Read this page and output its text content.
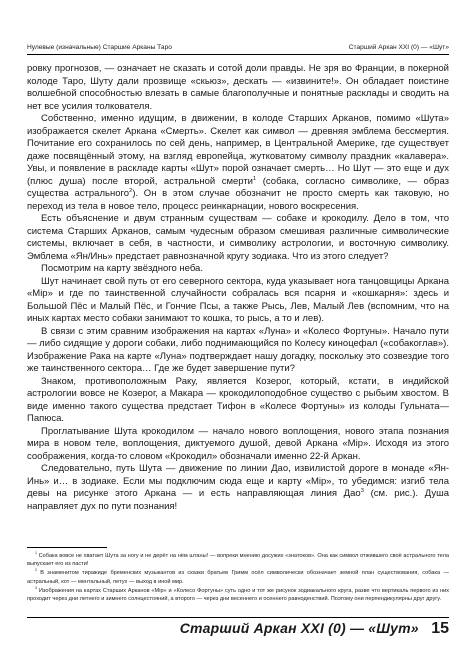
Нулевые (изначальные) Старшие Арканы Таро	Старший Аркан XXI (0) — «Шут»

ровку прогнозов, — означает не сказать и сотой доли правды. Не зря во Франции, в покерной колоде Таро, Шуту дали прозвище «скьюз», дескать — «извините!». Он обладает поистине волшебной способностью влезать в самые благополучные и понятные расклады и сводить на нет все усилия толкователя.

Собственно, именно идущим, в движении, в колоде Старших Арканов, помимо «Шута» изображается скелет Аркана «Смерть». Скелет как символ — древняя эмблема бессмертия. Почитание его сохранилось по сей день, например, в Центральной Америке, где существует даже посвящённый этому, на взгляд европейца, жутковатому символу праздник «калавера». Увы, и появление в раскладе карты «Шут» порой означает смерть… Но Шут — это еще и дух (плюс душа) после второй, астральной смерти$^1$ (собака, согласно символике, — образ существа астрального$^2$). Он в этом случае обозначит не просто смерть как таковую, но переход из тела в новое тело, процесс реинкарнации, нового воскресения.

Есть объяснение и двум странным существам — собаке и крокодилу. Дело в том, что система Старших Арканов, самым чудесным образом смешивая различные символические системы, включает в себя, в частности, и символику астрологии, и восточную символику. Эмблема «Ян/Инь» предстает равнозначной кругу зодиака. Что из этого следует?

Посмотрим на карту звёздного неба.

Шут начинает свой путь от его северного сектора, куда указывает нога танцовщицы Аркана «Mip» и где по таинственной случайности собралась вся псарня и «кошкарня»: здесь и Большой Пёс и Малый Пёс, и Гончие Псы, а также Рысь, Лев, Малый Лев (вспомним, что на иных картах место собаки занимают то кошка, то рысь, а то и лев).

В связи с этим сравним изображения на картах «Луна» и «Колесо Фортуны». Начало пути — либо сидящие у дороги собаки, либо поднимающийся по Колесу киноцефал («собакоглав»). Изображение Рака на карте «Луна» подтверждает нашу догадку, поскольку это созвездие того же таинственного сектора… Где же будет завершение пути?

Знаком, противоположным Раку, является Козерог, который, кстати, в индийской астрологии вовсе не Козерог, а Макара — крокодилоподобное существо с рыбьим хвостом. В виде именно такого существа предстает Тифон в «Колесе Фортуны» из колоды Гульната—Папюса.

Проглатывание Шута крокодилом — начало нового воплощения, нового этапа познания мира в новом теле, воплощения, диктуемого душой, девой Аркана «Mip». Исходя из этого соображения, когда-то словом «Крокодил» обозначали именно 22-й Аркан.

Следовательно, путь Шута — движение по линии Дао, извилистой дороге в монаде «Ян-Инь» и… в зодиаке. Если мы подключим сюда еще и карту «Mip», то убедимся: изгиб тела девы на рисунке этого Аркана — и есть направляющая линия Дао$^3$ (см. рис.). Душа направляет дух по пути познания!

$^1$ Собака вовсе не хватает Шута за ногу и не дерёт на нём штаны! — вопреки мнению досужих «знатоков». Она как символ отжившего своё астрального тела выпускает его из пасти!

$^2$ В знаменитом тиражиде бременских музыкантов из сказки братьев Гримм осёл символически обозначает земной план существования, собака — астральный, кот — ментальный, петух — выход в иной мир.

$^3$ Изображения на картах Старших Арканов «Mip» и «Колесо Фортуны» суть одно и тот же рисунок зодиакального круга, разве что вертикаль первого из них проходит через дни летнего и зимнего солнцестояний, а второго — через дни весеннего и осеннего равноденствий. Поэтому они перпендикулярны друг другу.

Старший Аркан XXI (0) — «Шут» 15
